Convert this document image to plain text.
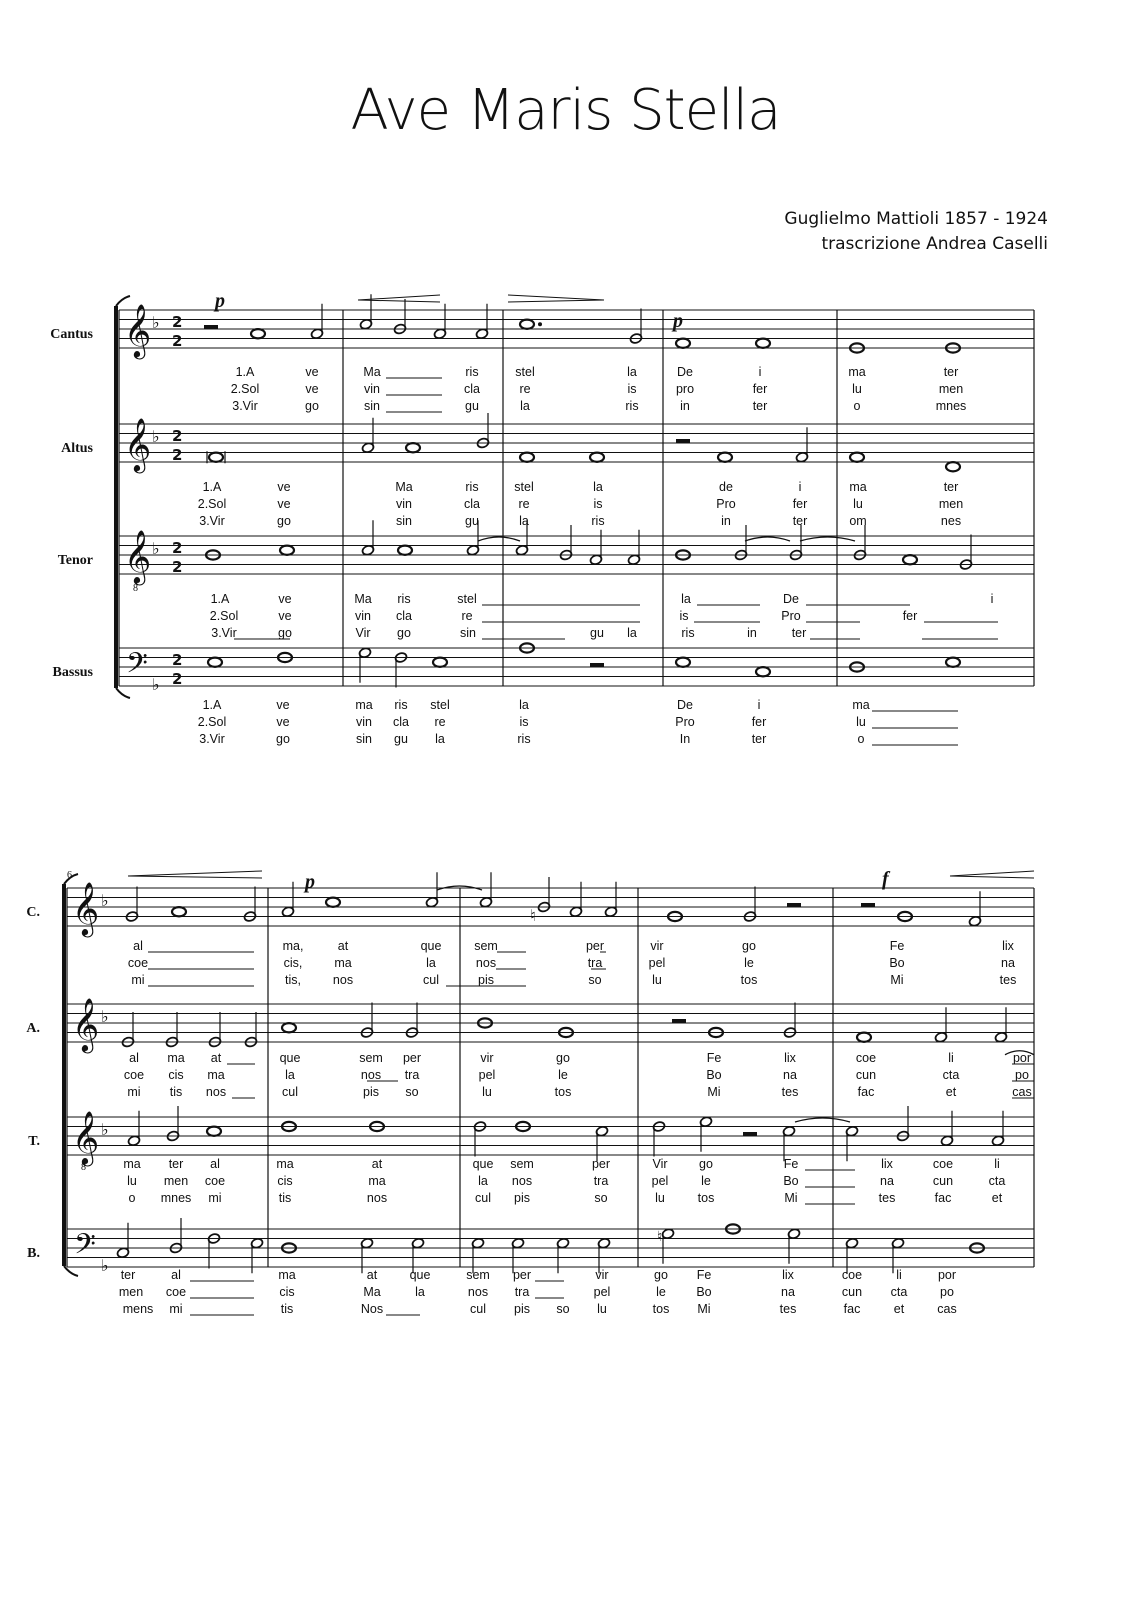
Ave Maris Stella
Guglielmo Mattioli 1857 - 1924
trascrizione Andrea Caselli
Cantus 𝄞 ♭ 2
2
Altus 𝄞 ♭ 2
2
Tenor 𝄞 ♭ 2
2
Bassus 𝄢 ♭
2
2
8
p
p
1.A	ve	Ma	ris	stel	la	De	i	ma	ter
2.Sol	ve	vin	cla	re	is	pro	fer	lu	men
3.Vir	go	sin	gu	la	ris	in	ter	o	mnes
1.A	ve	Ma	ris	stel	la	de	i	ma	ter
2.Sol	ve	vin	cla	re	is	Pro	fer	lu	men
3.Vir	go	sin	gu	la	ris	in	ter	om	nes
1.A	ve	Ma ris	stel	la	De	i
2.Sol	ve	vin cla	re	is	Pro	fer
3.Vir	go	Vir go	sin	gu la	ris	in	ter
1.A	ve	ma ris stel	la	De	i	ma
2.Sol	ve	vin cla re	is	Pro	fer	lu
3.Vir	go	sin gu la	ris	In	ter	o
6
C. 𝄞 ♭
A. 𝄞 ♭
T. 𝄞 ♭
B. 𝄢 ♭
8
p	f
♮
♮
al	ma,	at	que	sem	per	vir	go	Fe	lix
coe	cis,	ma	la	nos	tra	pel	le	Bo	na
mi	tis,	nos	cul	pis	so	lu	tos	Mi	tes
al ma at	que	sem per	vir	go	Fe	lix	coe	li	por
coe cis ma	la	nos tra	pel	le	Bo	na	cun	cta	po
mi tis nos	cul	pis so	lu	tos	Mi	tes	fac	et	cas
ma ter al	ma	at	que sem	per	Vir	go	Fe	lix	coe	li
lu men coe	cis	ma	la nos	tra	pel	le	Bo	na	cun	cta
o mnes mi	tis	nos	cul pis	so	lu	tos	Mi	tes	fac	et
ter	al	ma	at	que	sem per	vir	go Fe	lix	coe	li	por
men coe	cis	Ma	la	nos tra	pel	le Bo	na	cun cta	po
mens mi	tis	Nos	cul pis so lu	tos Mi	tes	fac	et	cas
